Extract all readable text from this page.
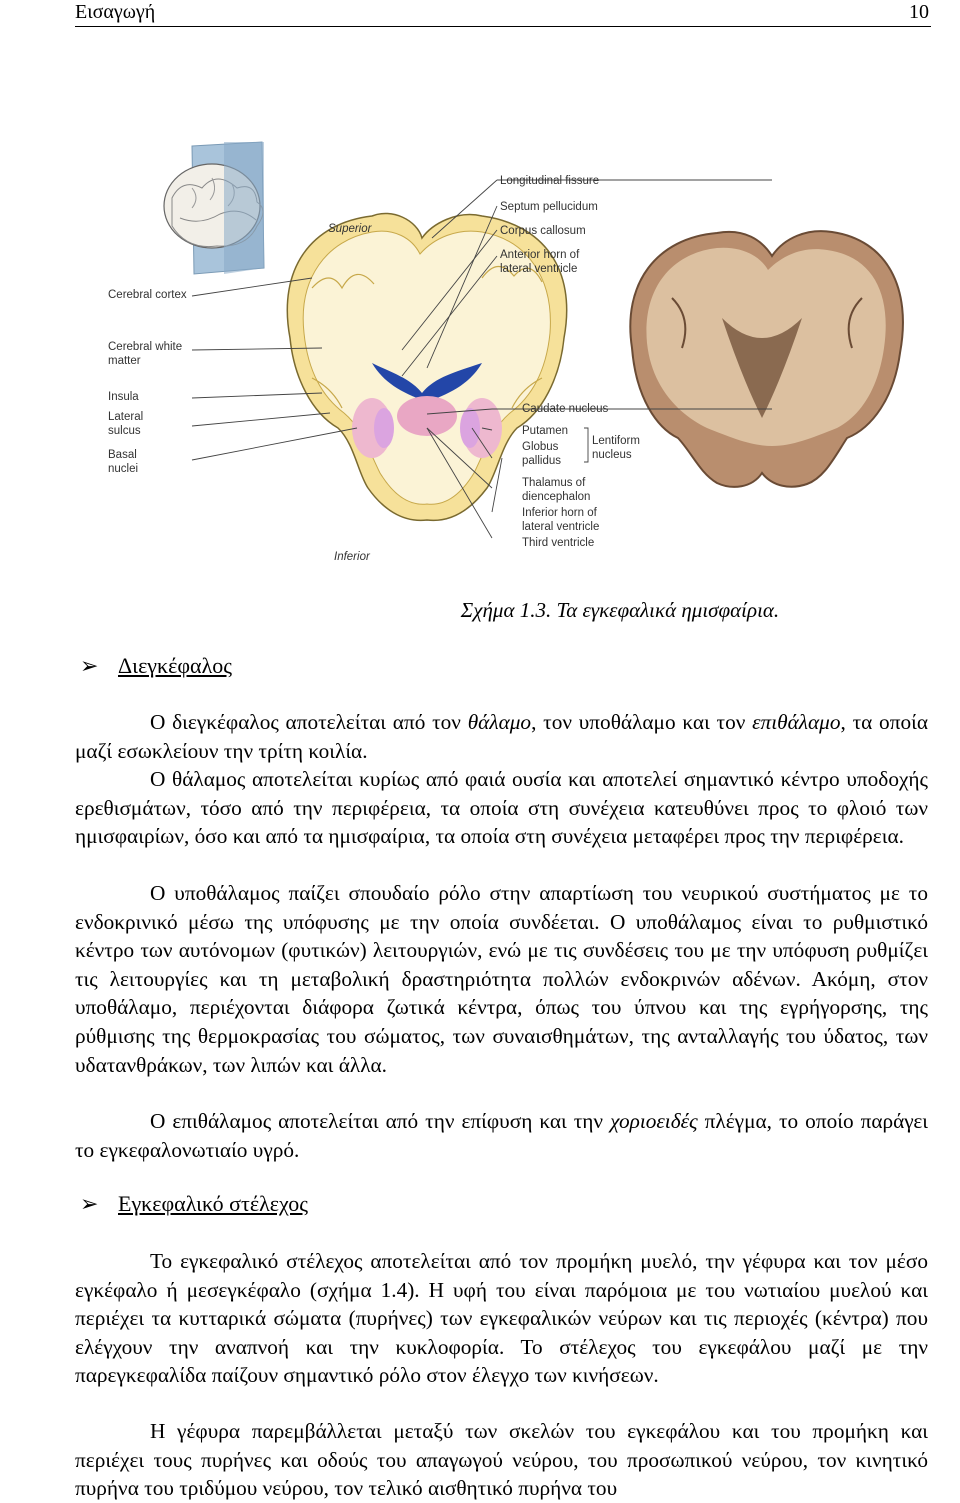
Εισαγωγή	10
Superior
Inferior
Cerebral cortex
Cerebral white
matter
Insula
Lateral
sulcus
Basal
nuclei
Longitudinal fissure
Septum pellucidum
Corpus callosum
Anterior horn of
lateral ventricle
Caudate nucleus
Putamen
Globus
pallidus
Lentiform
nucleus
Thalamus of
diencephalon
Inferior horn of
lateral ventricle
Third ventricle
Σχήμα 1.3. Τα εγκεφαλικά ημισφαίρια.
➢ Διεγκέφαλος
Ο διεγκέφαλος αποτελείται από τον θάλαμο, τον υποθάλαμο και τον επιθάλαμο, τα οποία μαζί εσωκλείουν την τρίτη κοιλία.
Ο θάλαμος αποτελείται κυρίως από φαιά ουσία και αποτελεί σημαντικό κέντρο υποδοχής ερεθισμάτων, τόσο από την περιφέρεια, τα οποία στη συνέχεια κατευθύνει προς το φλοιό των ημισφαιρίων, όσο και από τα ημισφαίρια, τα οποία στη συνέχεια μεταφέρει προς την περιφέρεια.
Ο υποθάλαμος παίζει σπουδαίο ρόλο στην απαρτίωση του νευρικού συστήματος με το ενδοκρινικό μέσω της υπόφυσης με την οποία συνδέεται. Ο υποθάλαμος είναι το ρυθμιστικό κέντρο των αυτόνομων (φυτικών) λειτουργιών, ενώ με τις συνδέσεις του με την υπόφυση ρυθμίζει τις λειτουργίες και τη μεταβολική δραστηριότητα πολλών ενδοκρινών αδένων. Ακόμη, στον υποθάλαμο, περιέχονται διάφορα ζωτικά κέντρα, όπως του ύπνου και της εγρήγορσης, της ρύθμισης της θερμοκρασίας του σώματος, των συναισθημάτων, της ανταλλαγής του ύδατος, των υδατανθράκων, των λιπών και άλλα.
Ο επιθάλαμος αποτελείται από την επίφυση και την χοριοειδές πλέγμα, το οποίο παράγει το εγκεφαλονωτιαίο υγρό.
➢ Εγκεφαλικό στέλεχος
Το εγκεφαλικό στέλεχος αποτελείται από τον προμήκη μυελό, την γέφυρα και τον μέσο εγκέφαλο ή μεσεγκέφαλο (σχήμα 1.4). Η υφή του είναι παρόμοια με του νωτιαίου μυελού και περιέχει τα κυτταρικά σώματα (πυρήνες) των εγκεφαλικών νεύρων και τις περιοχές (κέντρα) που ελέγχουν την αναπνοή και την κυκλοφορία. Το στέλεχος του εγκεφάλου μαζί με την παρεγκεφαλίδα παίζουν σημαντικό ρόλο στον έλεγχο των κινήσεων.
Η γέφυρα παρεμβάλλεται μεταξύ των σκελών του εγκεφάλου και του προμήκη και περιέχει τους πυρήνες και οδούς του απαγωγού νεύρου, του προσωπικού νεύρου, τον κινητικό πυρήνα του τριδύμου νεύρου, τον τελικό αισθητικό πυρήνα του
